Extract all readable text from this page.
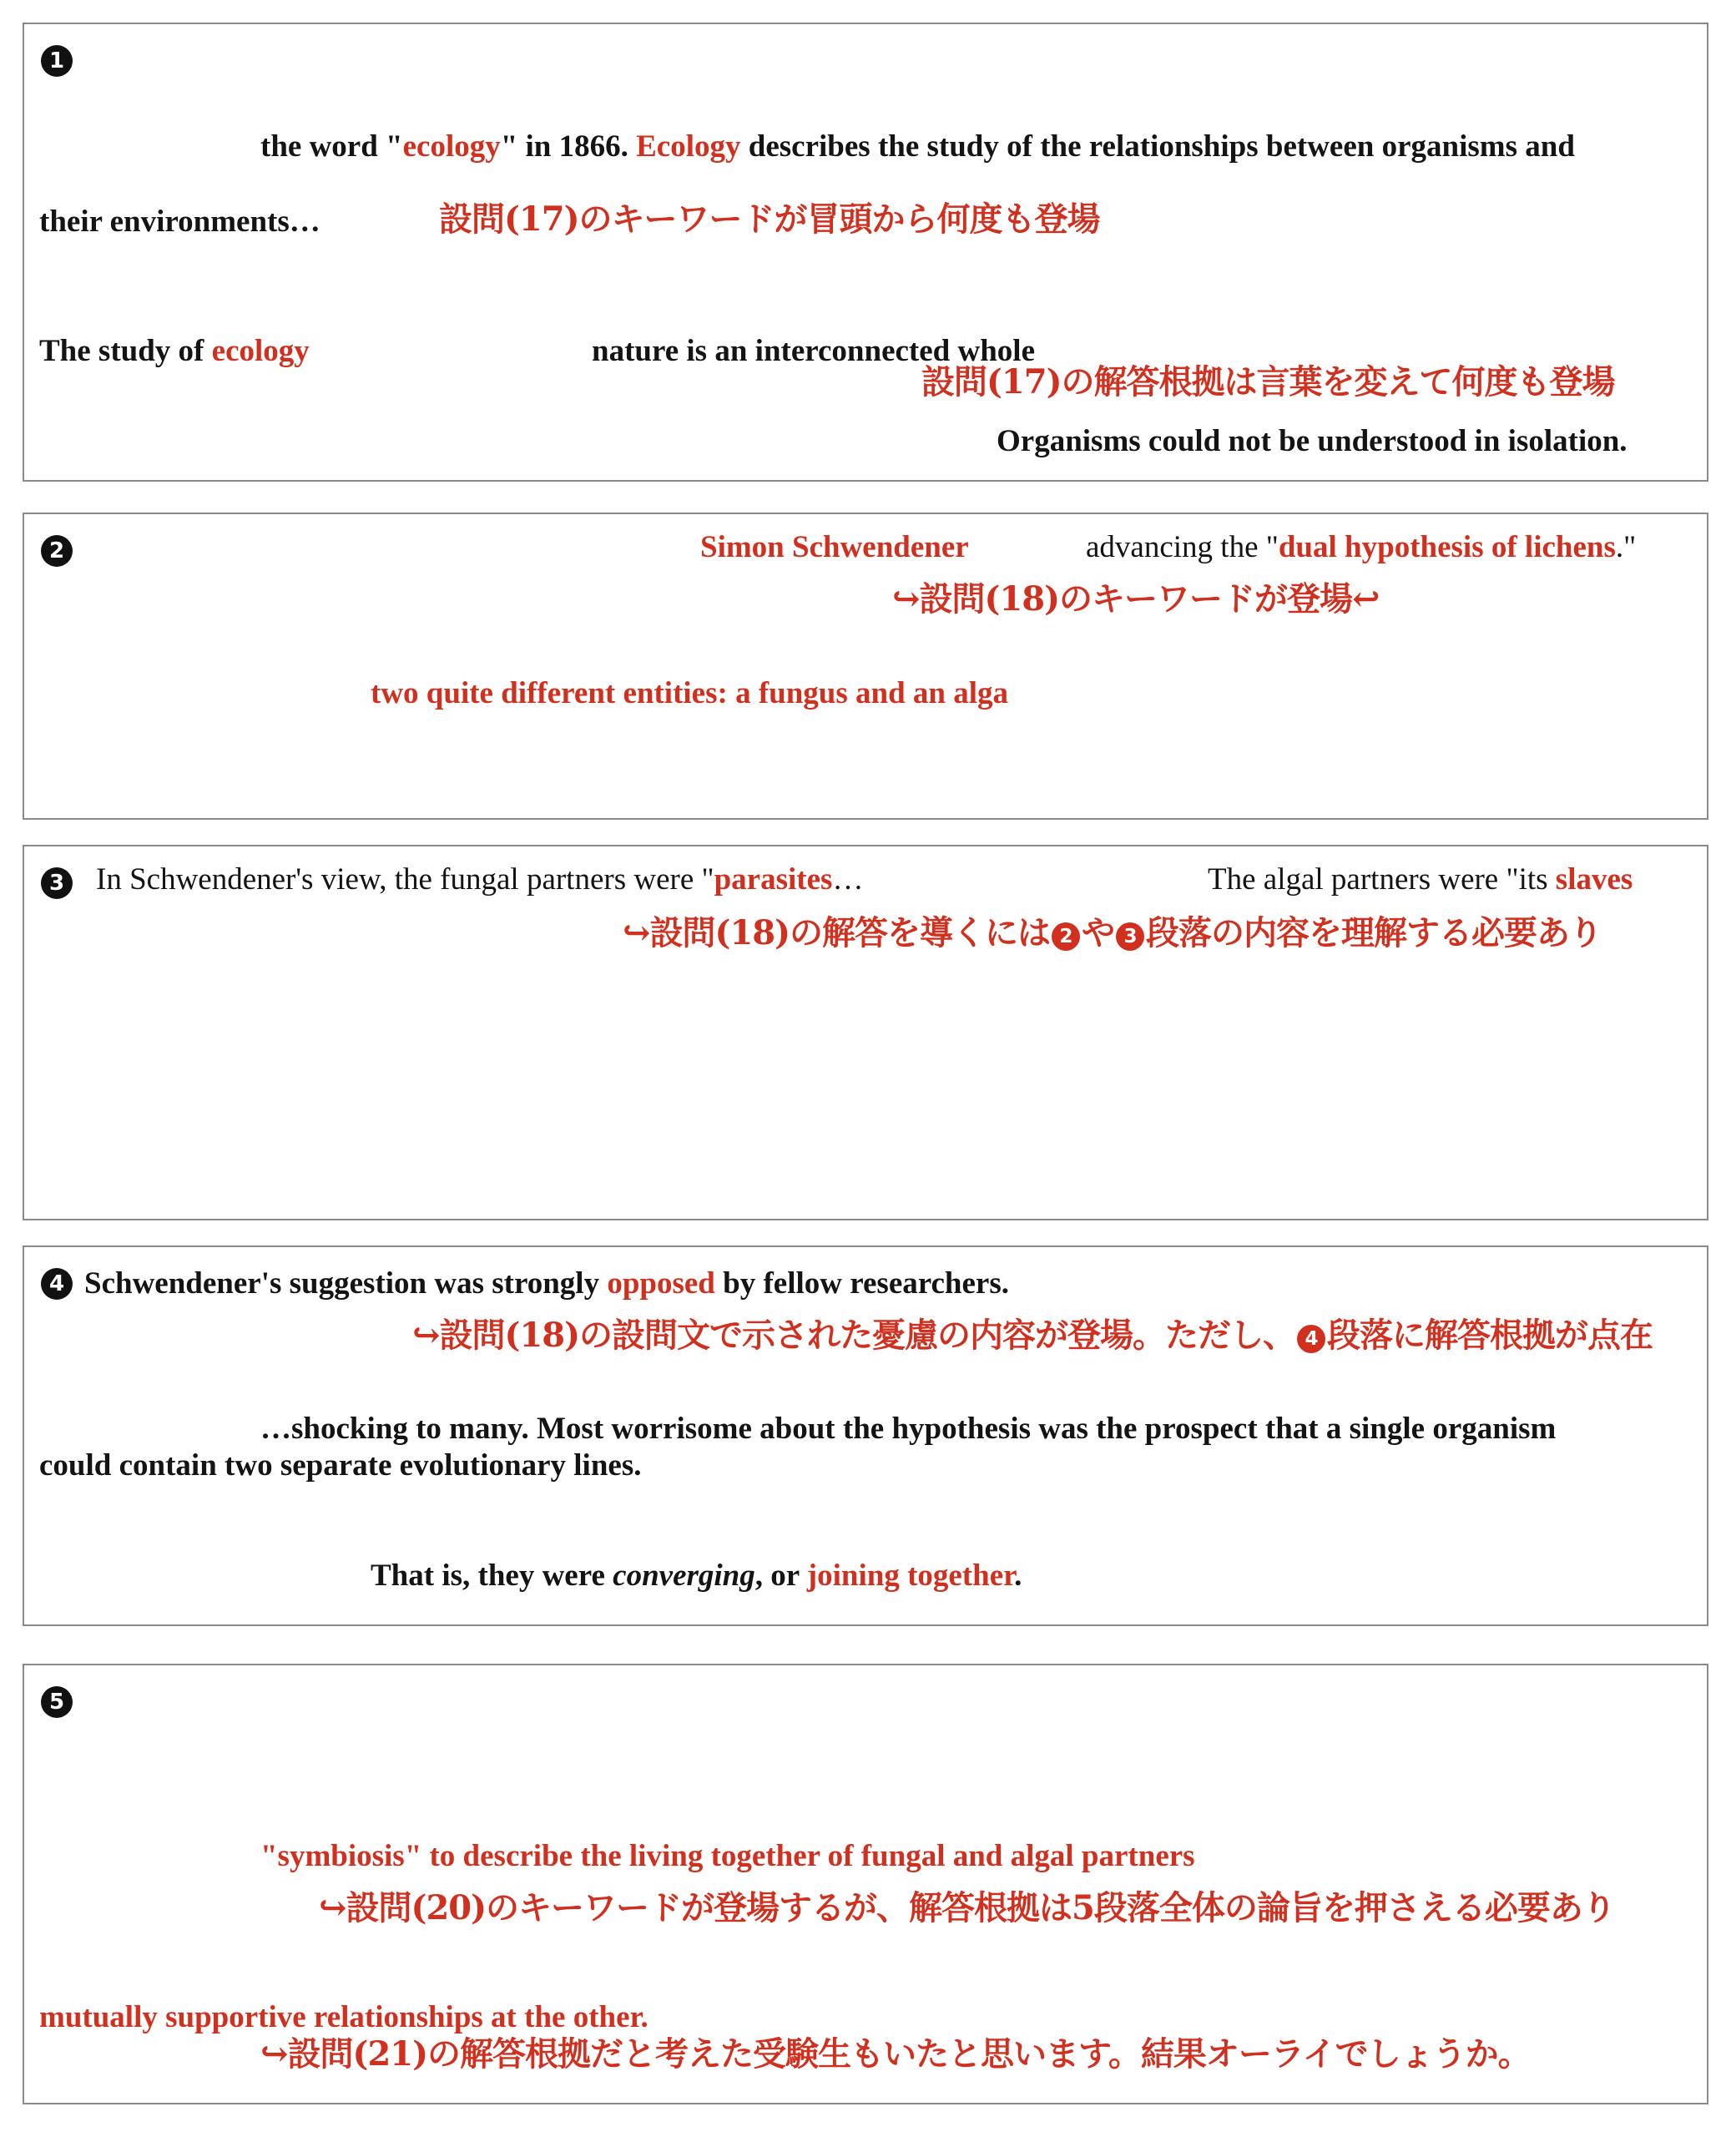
1
the word "ecology" in 1866. Ecology describes the study of the relationships between organisms and
their environments…	設問(17)のキーワードが冒頭から何度も登場
The study of ecology	nature is an interconnected whole
設問(17)の解答根拠は言葉を変えて何度も登場
Organisms could not be understood in isolation.
2	Simon Schwendener	advancing the "dual hypothesis of lichens."
↪設問(18)のキーワードが登場↩
two quite different entities: a fungus and an alga
3 In Schwendener's view, the fungal partners were "parasites…	The algal partners were "its slaves
↪設問(18)の解答を導くには 2 や 3 段落の内容を理解する必要あり
4 Schwendener's suggestion was strongly opposed by fellow researchers.
↪設問(18)の設問文で示された憂慮の内容が登場。ただし、 4 段落に解答根拠が点在
…shocking to many. Most worrisome about the hypothesis was the prospect that a single organism
could contain two separate evolutionary lines.
That is, they were converging, or joining together.
5
"symbiosis" to describe the living together of fungal and algal partners
↪設問(20)のキーワードが登場するが、解答根拠は5段落全体の論旨を押さえる必要あり
mutually supportive relationships at the other.
↪設問(21)の解答根拠だと考えた受験生もいたと思います。結果オーライでしょうか。
